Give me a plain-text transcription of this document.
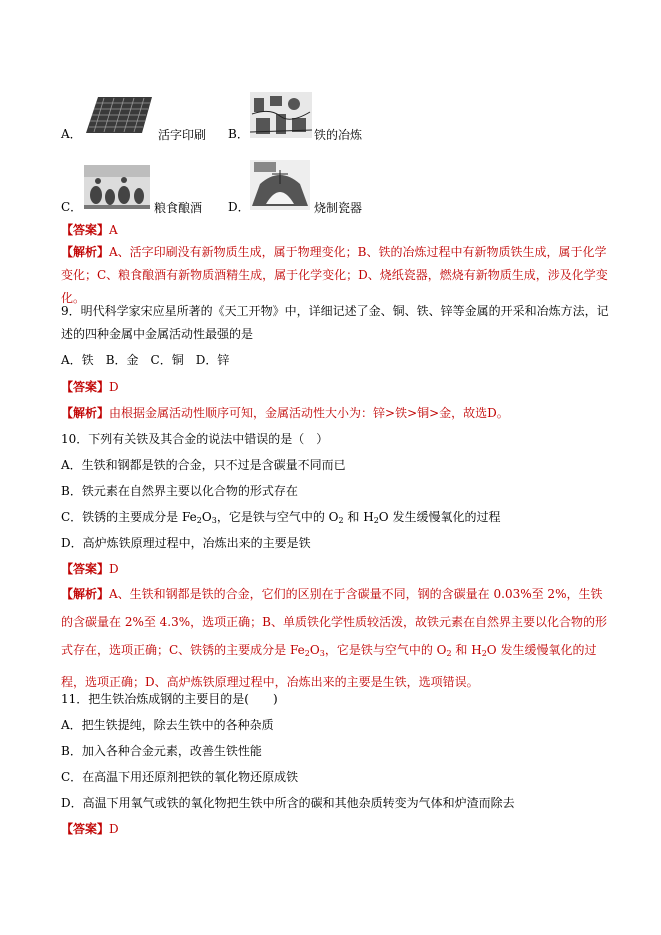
A．	活字印刷 B．	铁的冶炼
C．	粮食酿酒 D．	烧制瓷器
【答案】A
【解析】A、活字印刷没有新物质生成，属于物理变化；B、铁的冶炼过程中有新物质铁生成，属于化学变化；C、粮食酿酒有新物质酒精生成，属于化学变化；D、烧纸瓷器，燃烧有新物质生成，涉及化学变化。
9．明代科学家宋应星所著的《天工开物》中，详细记述了金、铜、铁、锌等金属的开采和冶炼方法，记述的四种金属中金属活动性最强的是
A．铁　 B．金　 C．铜　 D．锌
【答案】D
【解析】由根据金属活动性顺序可知，金属活动性大小为：锌>铁>铜>金，故选D。
10．下列有关铁及其合金的说法中错误的是（　）
A．生铁和钢都是铁的合金，只不过是含碳量不同而已
B．铁元素在自然界主要以化合物的形式存在
C．铁锈的主要成分是 $Fe_2O_3$，它是铁与空气中的 $O_2$ 和 $H_2O$ 发生缓慢氧化的过程
D．高炉炼铁原理过程中，冶炼出来的主要是铁
【答案】D
【解析】A、生铁和钢都是铁的合金，它们的区别在于含碳量不同，钢的含碳量在 0.03%至 2%，生铁的含碳量在 2%至 4.3%，选项正确；B、单质铁化学性质较活泼，故铁元素在自然界主要以化合物的形式存在，选项正确；C、铁锈的主要成分是 $Fe_2O_3$，它是铁与空气中的 $O_2$ 和 $H_2O$ 发生缓慢氧化的过程，选项正确；D、高炉炼铁原理过程中，冶炼出来的主要是生铁，选项错误。
11．把生铁冶炼成钢的主要目的是(　　)
A．把生铁提纯，除去生铁中的各种杂质
B．加入各种合金元素，改善生铁性能
C．在高温下用还原剂把铁的氧化物还原成铁
D．高温下用氧气或铁的氧化物把生铁中所含的碳和其他杂质转变为气体和炉渣而除去
【答案】D
